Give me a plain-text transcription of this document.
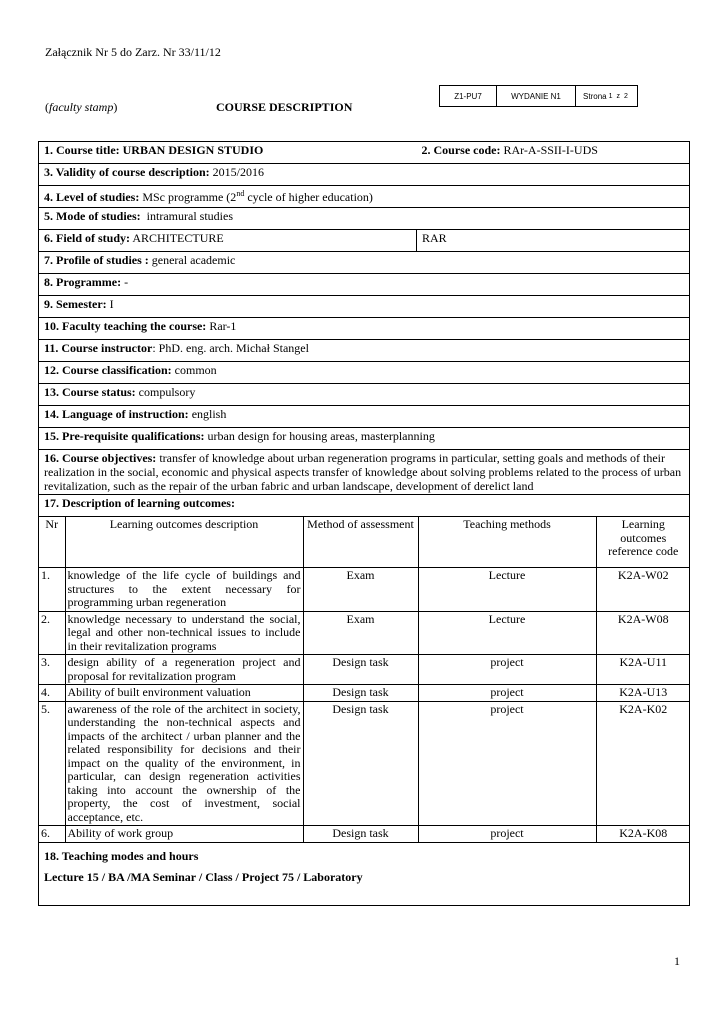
Załącznik Nr 5 do Zarz. Nr 33/11/12
(faculty stamp)	COURSE DESCRIPTION
Z1-PU7	WYDANIE N1	Strona 1 z 2
1. Course title: URBAN DESIGN STUDIO	2. Course code: RAr-A-SSII-I-UDS
3. Validity of course description: 2015/2016
4. Level of studies: MSc programme (2nd cycle of higher education)
5. Mode of studies: intramural studies
6. Field of study: ARCHITECTURE	RAR
7. Profile of studies : general academic
8. Programme: -
9. Semester: I
10. Faculty teaching the course: Rar-1
11. Course instructor: PhD. eng. arch. Michał Stangel
12. Course classification: common
13. Course status: compulsory
14. Language of instruction: english
15. Pre-requisite qualifications: urban design for housing areas, masterplanning
16. Course objectives: transfer of knowledge about urban regeneration programs in particular, setting goals and methods of their realization in the social, economic and physical aspects transfer of knowledge about solving problems related to the process of urban revitalization, such as the repair of the urban fabric and urban landscape, development of derelict land
17. Description of learning outcomes:

Nr	Learning outcomes description	Method of assessment	Teaching methods	Learning outcomes reference code
1.	knowledge of the life cycle of buildings and structures to the extent necessary for programming urban regeneration	Exam	Lecture	K2A-W02
2.	knowledge necessary to understand the social, legal and other non-technical issues to include in their revitalization programs	Exam	Lecture	K2A-W08
3.	design ability of a regeneration project and proposal for revitalization program	Design task	project	K2A-U11
4.	Ability of built environment valuation	Design task	project	K2A-U13
5.	awareness of the role of the architect in society, understanding the non-technical aspects and impacts of the architect / urban planner and the related responsibility for decisions and their impact on the quality of the environment, in particular, can design regeneration activities taking into account the ownership of the property, the cost of investment, social acceptance, etc.	Design task	project	K2A-K02
6.	Ability of work group	Design task	project	K2A-K08

18. Teaching modes and hours
Lecture 15 / BA /MA Seminar / Class / Project 75 / Laboratory
1
